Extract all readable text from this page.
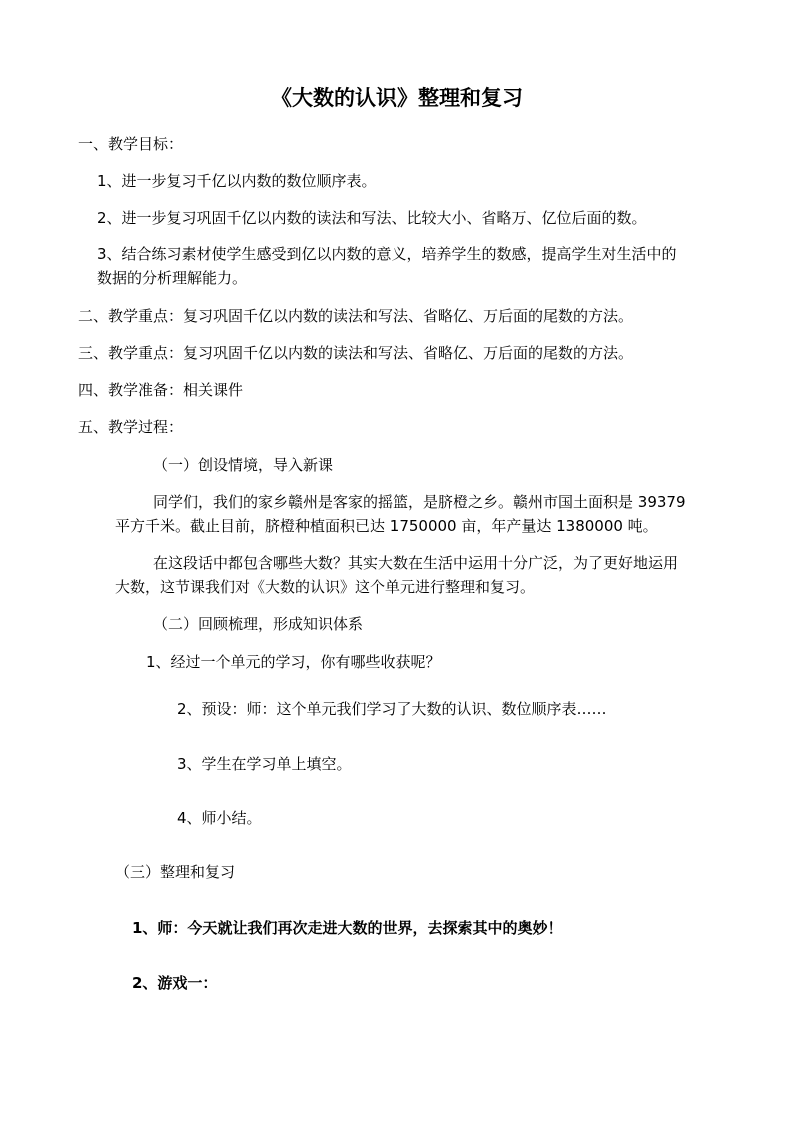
《大数的认识》整理和复习
一、教学目标：
1、进一步复习千亿以内数的数位顺序表。
2、进一步复习巩固千亿以内数的读法和写法、比较大小、省略万、亿位后面的数。
3、结合练习素材使学生感受到亿以内数的意义，培养学生的数感，提高学生对生活中的
数据的分析理解能力。
二、教学重点：复习巩固千亿以内数的读法和写法、省略亿、万后面的尾数的方法。
三、教学重点：复习巩固千亿以内数的读法和写法、省略亿、万后面的尾数的方法。
四、教学准备：相关课件
五、教学过程：
（一）创设情境，导入新课
同学们，我们的家乡赣州是客家的摇篮，是脐橙之乡。赣州市国土面积是 39379
平方千米。截止目前，脐橙种植面积已达 1750000 亩，年产量达 1380000 吨。
在这段话中都包含哪些大数？其实大数在生活中运用十分广泛，为了更好地运用
大数，这节课我们对《大数的认识》这个单元进行整理和复习。
（二）回顾梳理，形成知识体系
1、经过一个单元的学习，你有哪些收获呢？
2、预设：师：这个单元我们学习了大数的认识、数位顺序表……
3、学生在学习单上填空。
4、师小结。
（三）整理和复习
1、师：今天就让我们再次走进大数的世界，去探索其中的奥妙！
2、游戏一：
